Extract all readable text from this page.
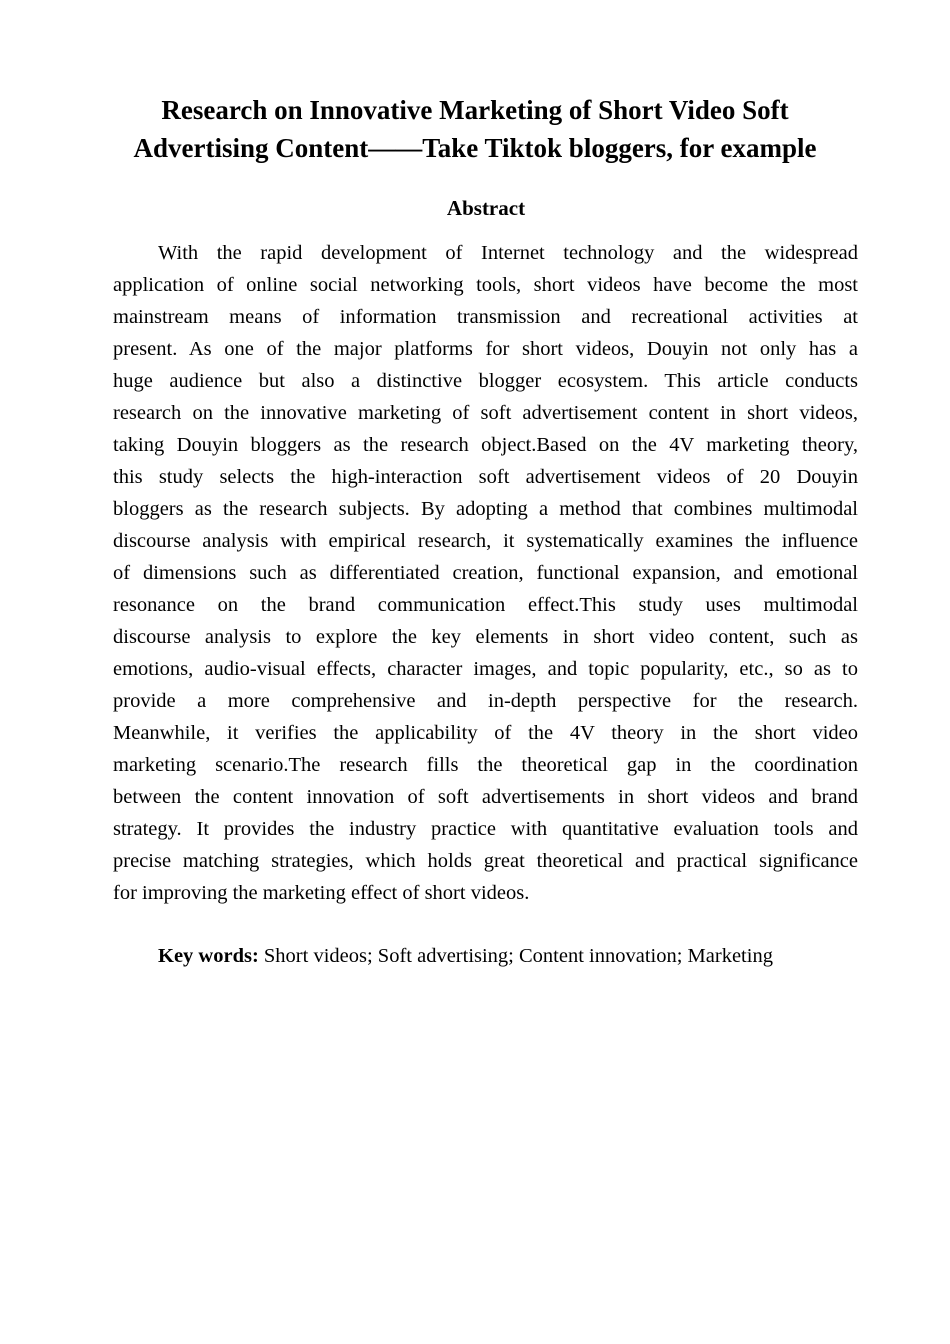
Research on Innovative Marketing of Short Video Soft
Advertising Content——Take Tiktok bloggers, for example
Abstract
With the rapid development of Internet technology and the widespread
application of online social networking tools, short videos have become the most
mainstream means of information transmission and recreational activities at
present. As one of the major platforms for short videos, Douyin not only has a
huge audience but also a distinctive blogger ecosystem. This article conducts
research on the innovative marketing of soft advertisement content in short videos,
taking Douyin bloggers as the research object.Based on the 4V marketing theory,
this study selects the high-interaction soft advertisement videos of 20 Douyin
bloggers as the research subjects. By adopting a method that combines multimodal
discourse analysis with empirical research, it systematically examines the influence
of dimensions such as differentiated creation, functional expansion, and emotional
resonance on the brand communication effect.This study uses multimodal
discourse analysis to explore the key elements in short video content, such as
emotions, audio-visual effects, character images, and topic popularity, etc., so as to
provide a more comprehensive and in-depth perspective for the research.
Meanwhile, it verifies the applicability of the 4V theory in the short video
marketing scenario.The research fills the theoretical gap in the coordination
between the content innovation of soft advertisements in short videos and brand
strategy. It provides the industry practice with quantitative evaluation tools and
precise matching strategies, which holds great theoretical and practical significance
for improving the marketing effect of short videos.
Key words: Short videos; Soft advertising; Content innovation; Marketing
